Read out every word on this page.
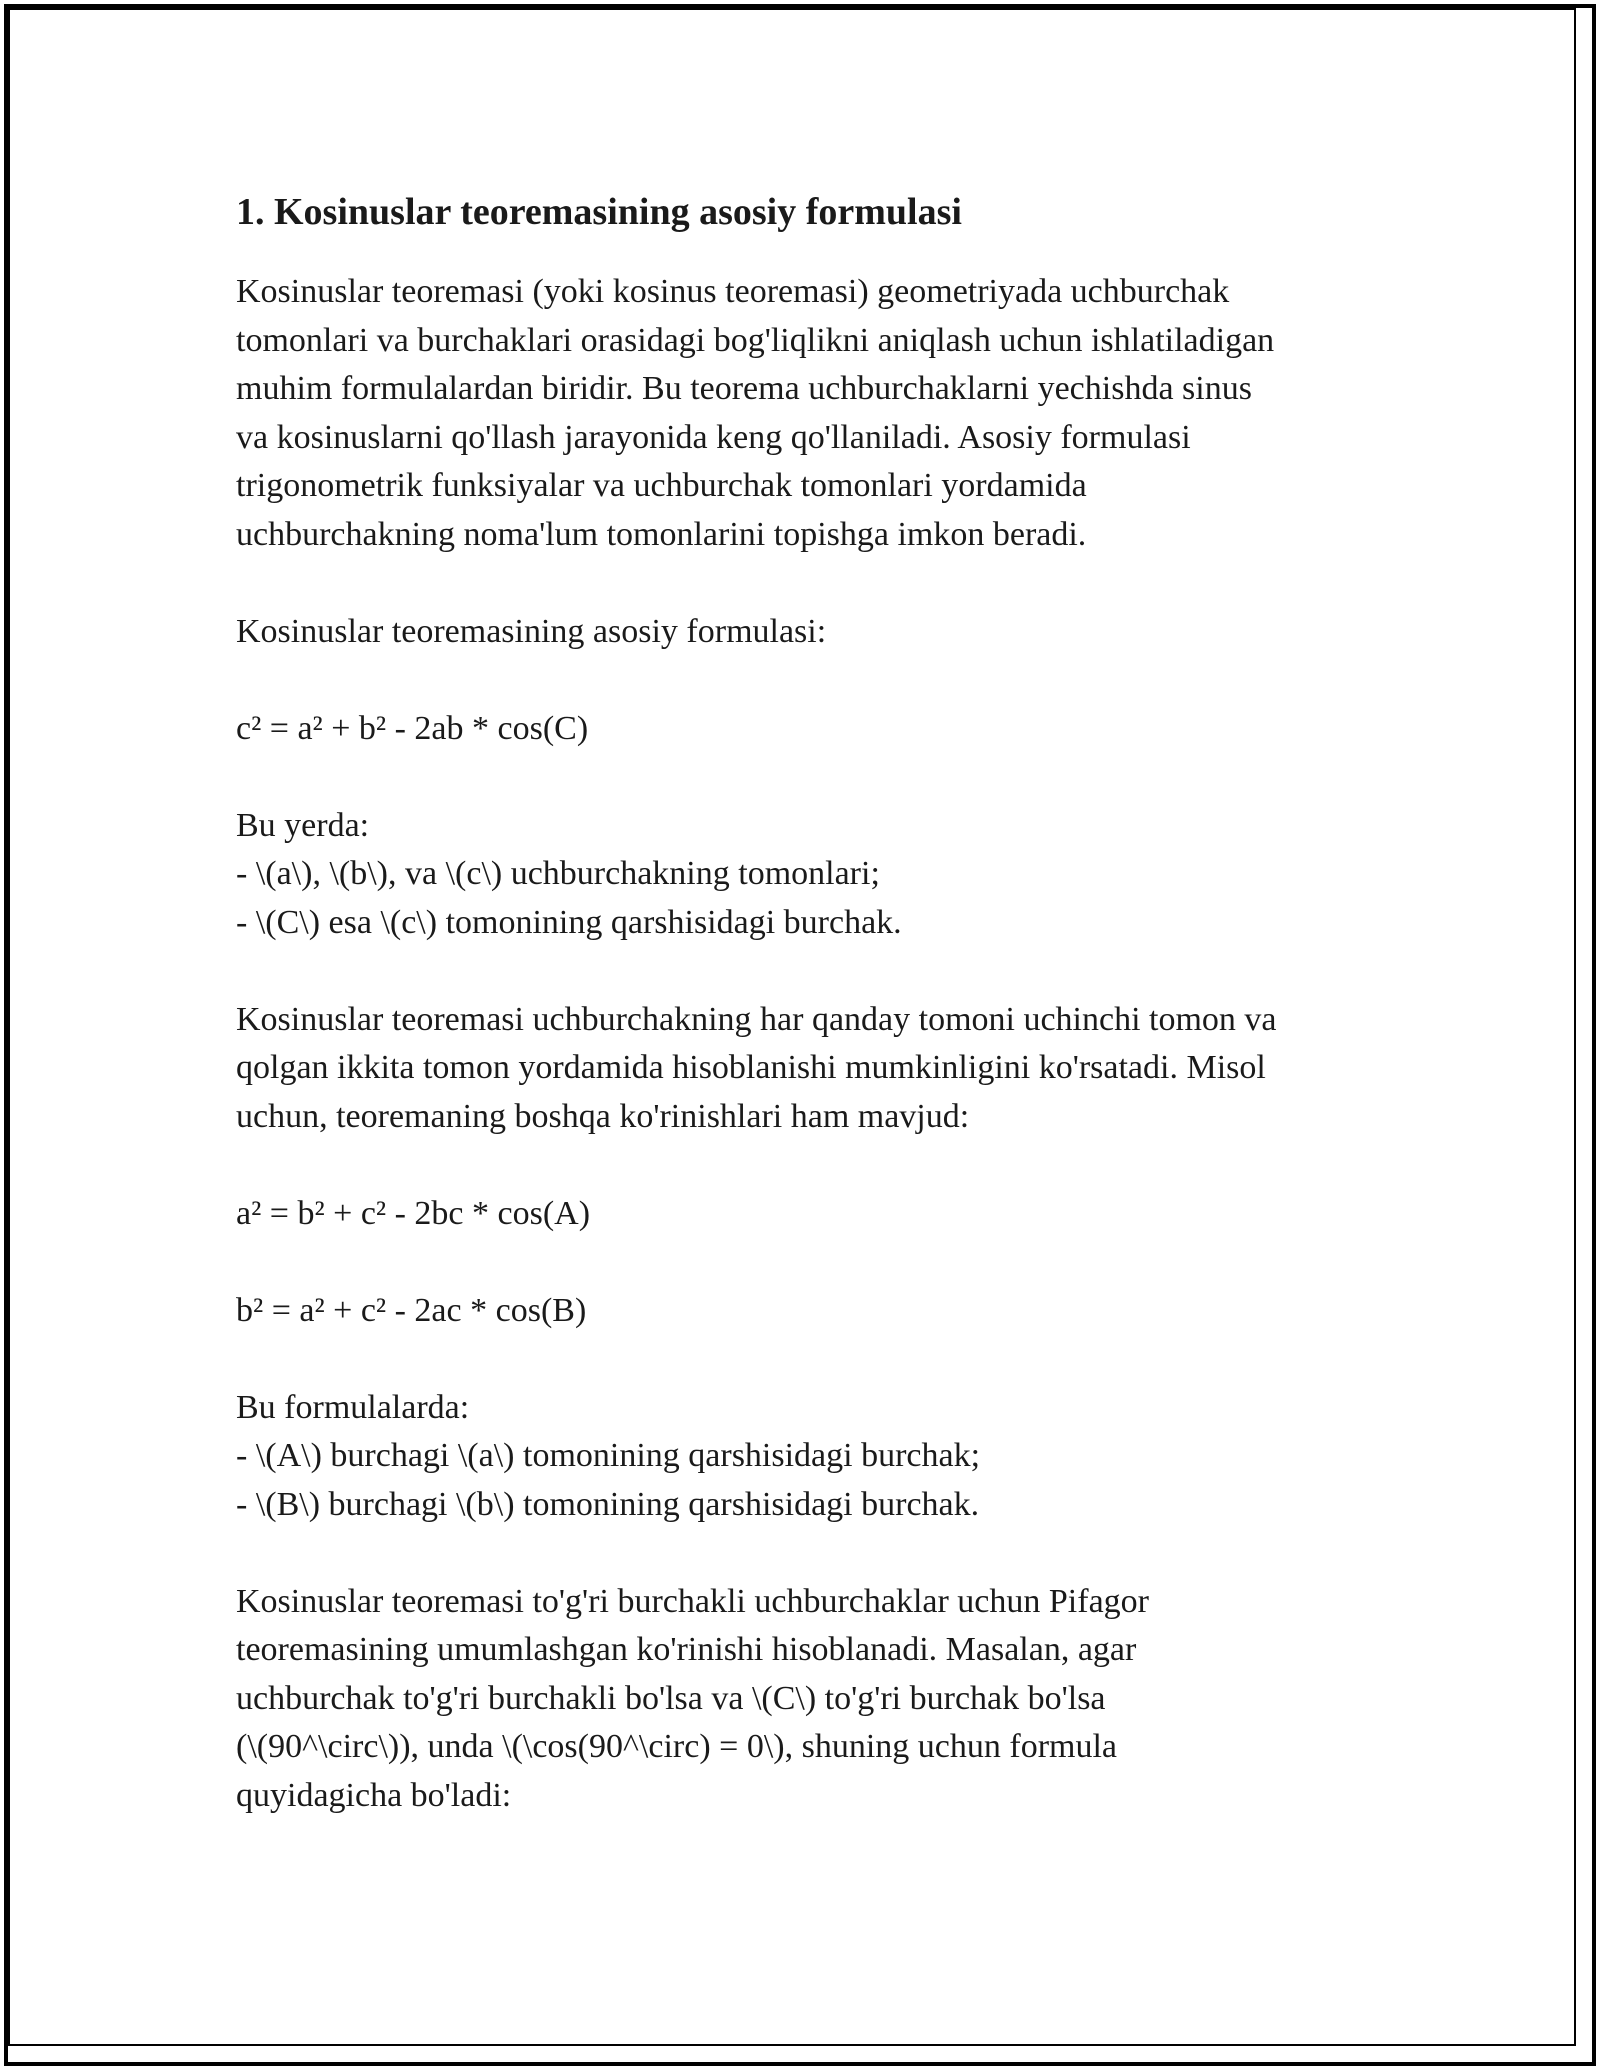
1. Kosinuslar teoremasining asosiy formulasi

Kosinuslar teoremasi (yoki kosinus teoremasi) geometriyada uchburchak
tomonlari va burchaklari orasidagi bog'liqlikni aniqlash uchun ishlatiladigan
muhim formulalardan biridir. Bu teorema uchburchaklarni yechishda sinus
va kosinuslarni qo'llash jarayonida keng qo'llaniladi. Asosiy formulasi
trigonometrik funksiyalar va uchburchak tomonlari yordamida
uchburchakning noma'lum tomonlarini topishga imkon beradi.

Kosinuslar teoremasining asosiy formulasi:

c² = a² + b² - 2ab * cos(C)

Bu yerda:
- \(a\), \(b\), va \(c\) uchburchakning tomonlari;
- \(C\) esa \(c\) tomonining qarshisidagi burchak.

Kosinuslar teoremasi uchburchakning har qanday tomoni uchinchi tomon va
qolgan ikkita tomon yordamida hisoblanishi mumkinligini ko'rsatadi. Misol
uchun, teoremaning boshqa ko'rinishlari ham mavjud:

a² = b² + c² - 2bc * cos(A)

b² = a² + c² - 2ac * cos(B)

Bu formulalarda:
- \(A\) burchagi \(a\) tomonining qarshisidagi burchak;
- \(B\) burchagi \(b\) tomonining qarshisidagi burchak.

Kosinuslar teoremasi to'g'ri burchakli uchburchaklar uchun Pifagor
teoremasining umumlashgan ko'rinishi hisoblanadi. Masalan, agar
uchburchak to'g'ri burchakli bo'lsa va \(C\) to'g'ri burchak bo'lsa
(\(90^\circ\)), unda \(\cos(90^\circ) = 0\), shuning uchun formula
quyidagicha bo'ladi:
